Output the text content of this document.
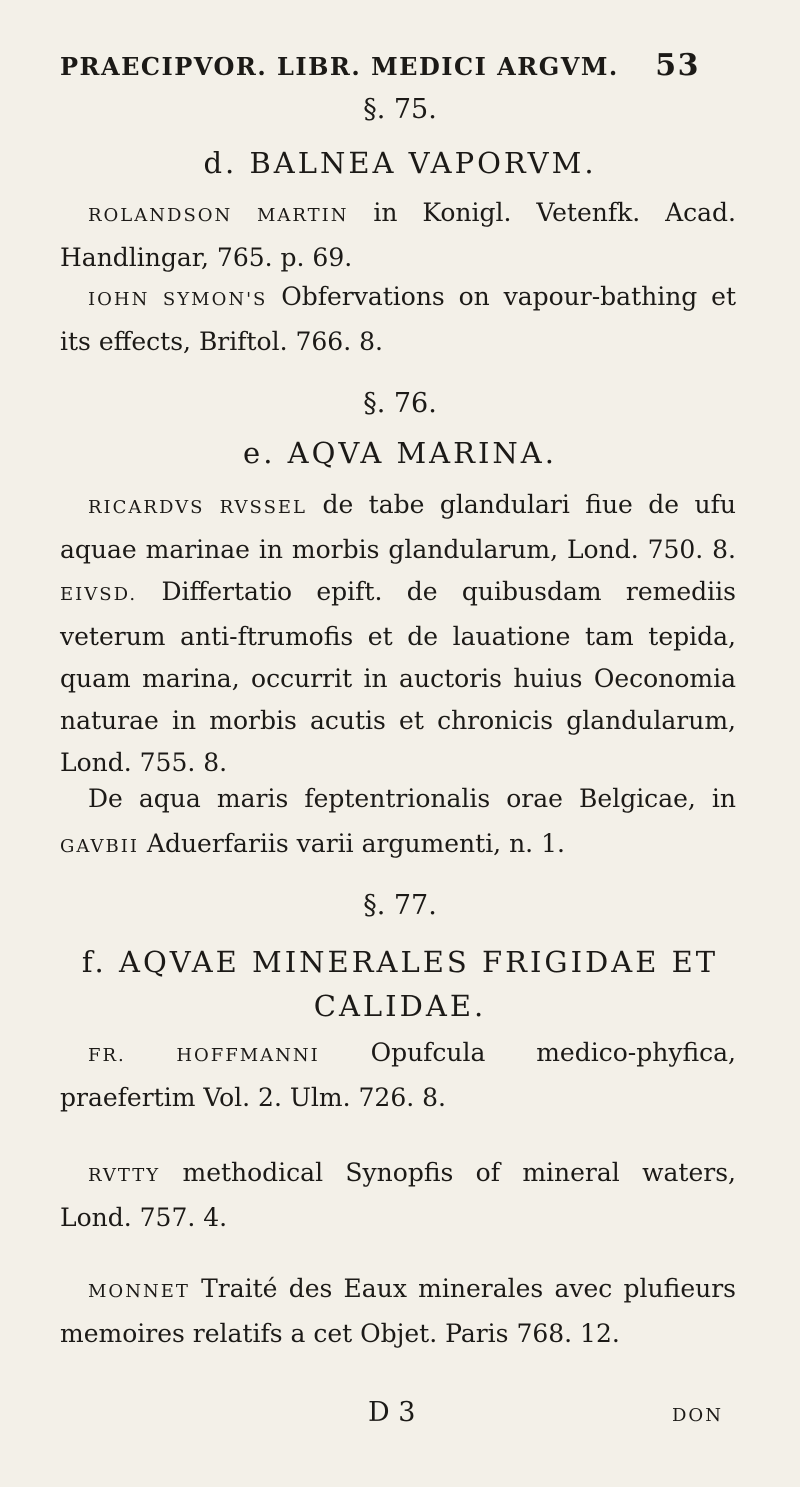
PRAECIPVOR. LIBR. MEDICI ARGVM. 53
§. 75.
d. BALNEA VAPORVM.

ROLANDSON MARTIN in Konigl. Vetenfk. Acad. Handlingar, 765. p. 69.

IOHN SYMON'S Obfervations on vapour-bathing et its effects, Briftol. 766. 8.

§. 76.
e. AQVA MARINA.

RICARDVS RVSSEL de tabe glandulari fiue de ufu aquae marinae in morbis glandularum, Lond. 750. 8. EIVSD. Differtatio epift. de quibusdam remediis veterum anti-ftrumofis et de lauatione tam tepida, quam marina, occurrit in auctoris huius Oeconomia naturae in morbis acutis et chronicis glandularum, Lond. 755. 8.

De aqua maris feptentrionalis orae Belgicae, in GAVBII Aduerfariis varii argumenti, n. 1.

§. 77.
f. AQVAE MINERALES FRIGIDAE ET CALIDAE.

FR. HOFFMANNI Opufcula medico-phyfica, praefertim Vol. 2. Ulm. 726. 8.

RVTTY methodical Synopfis of mineral waters, Lond. 757. 4.

MONNET Traité des Eaux minerales avec plufieurs memoires relatifs a cet Objet. Paris 768. 12.

D 3	DON
